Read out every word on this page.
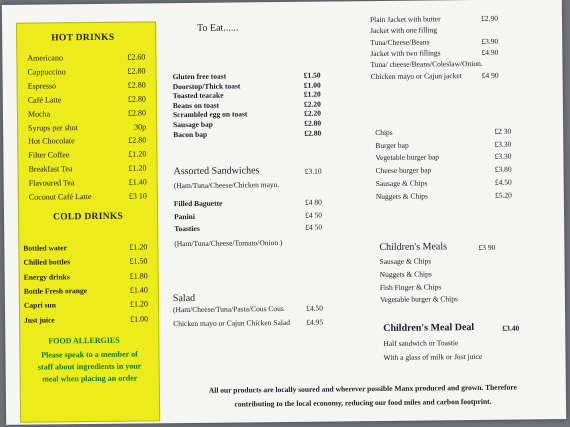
HOT DRINKS
Americano	£2.60
Cappuccino	£2.80
Espresso	£2.80
Café Latte	£2.80
Mocha	£2.80
Syrups per shot	30p
Hot Chocolate	£2.80
Filter Coffee	£1.20
Breakfast Tea	£1.20
Flavoured Tea	£1.40
Coconut Café Latte	£3 10
COLD DRINKS
Bottled water	£1.20
Chilled bottles	£1.50
Energy drinks	£1.80
Bottle Fresh orange	£1.40
Capri sun	£1.20
Just juice	£1.00
FOOD ALLERGIES
Please speak to a member of
staff about ingredients in your
meal when placing an order
To Eat......
Gluten free toast	£1.50
Doorstop/Thick toast	£1.00
Toasted teacake	£1.20
Beans on toast	£2.20
Scrambled egg on toast	£2.20
Sausage bap	£2.80
Bacon bap	£2.80
Assorted Sandwiches	£3.10
(Ham/Tuna/Cheese/Chicken mayo.
Filled Baguette	£4 80
Panini	£4 50
Toasties	£4 50
(Ham/Tuna/Cheese/Tomato/Onion )
Salad
(Ham/Cheese/Tuna/Pasta/Cous Cous	£4.50
Chicken mayo or Cajun Chicken Salad	£4.95
Plain Jacket with butter	£2.90
Jacket with one filling
Tuna/Cheese/Beans	£3.90
Jacket with two fillings	£4.90
Tuna/ cheese/Beans/Coleslaw/Onion.
Chicken mayo or Cajun jacket	£4 90
Chips	£2 30
Burger bap	£3.30
Vegetable burger bap	£3.30
Cheese burger bap	£3.80
Sausage & Chips	£4.50
Nuggets & Chips	£5.20
Children's Meals	£3 90
Sausage & Chips
Nuggets & Chips
Fish Finger & Chips
Vegetable burger & Chips
Children's Meal Deal	£3.40
Half sandwich or Toastie
With a glass of milk or Just juice
All our products are locally soured and wherever possible Manx produced and grown. Therefore
contributing to the local economy, reducing our food miles and carbon footprint.
